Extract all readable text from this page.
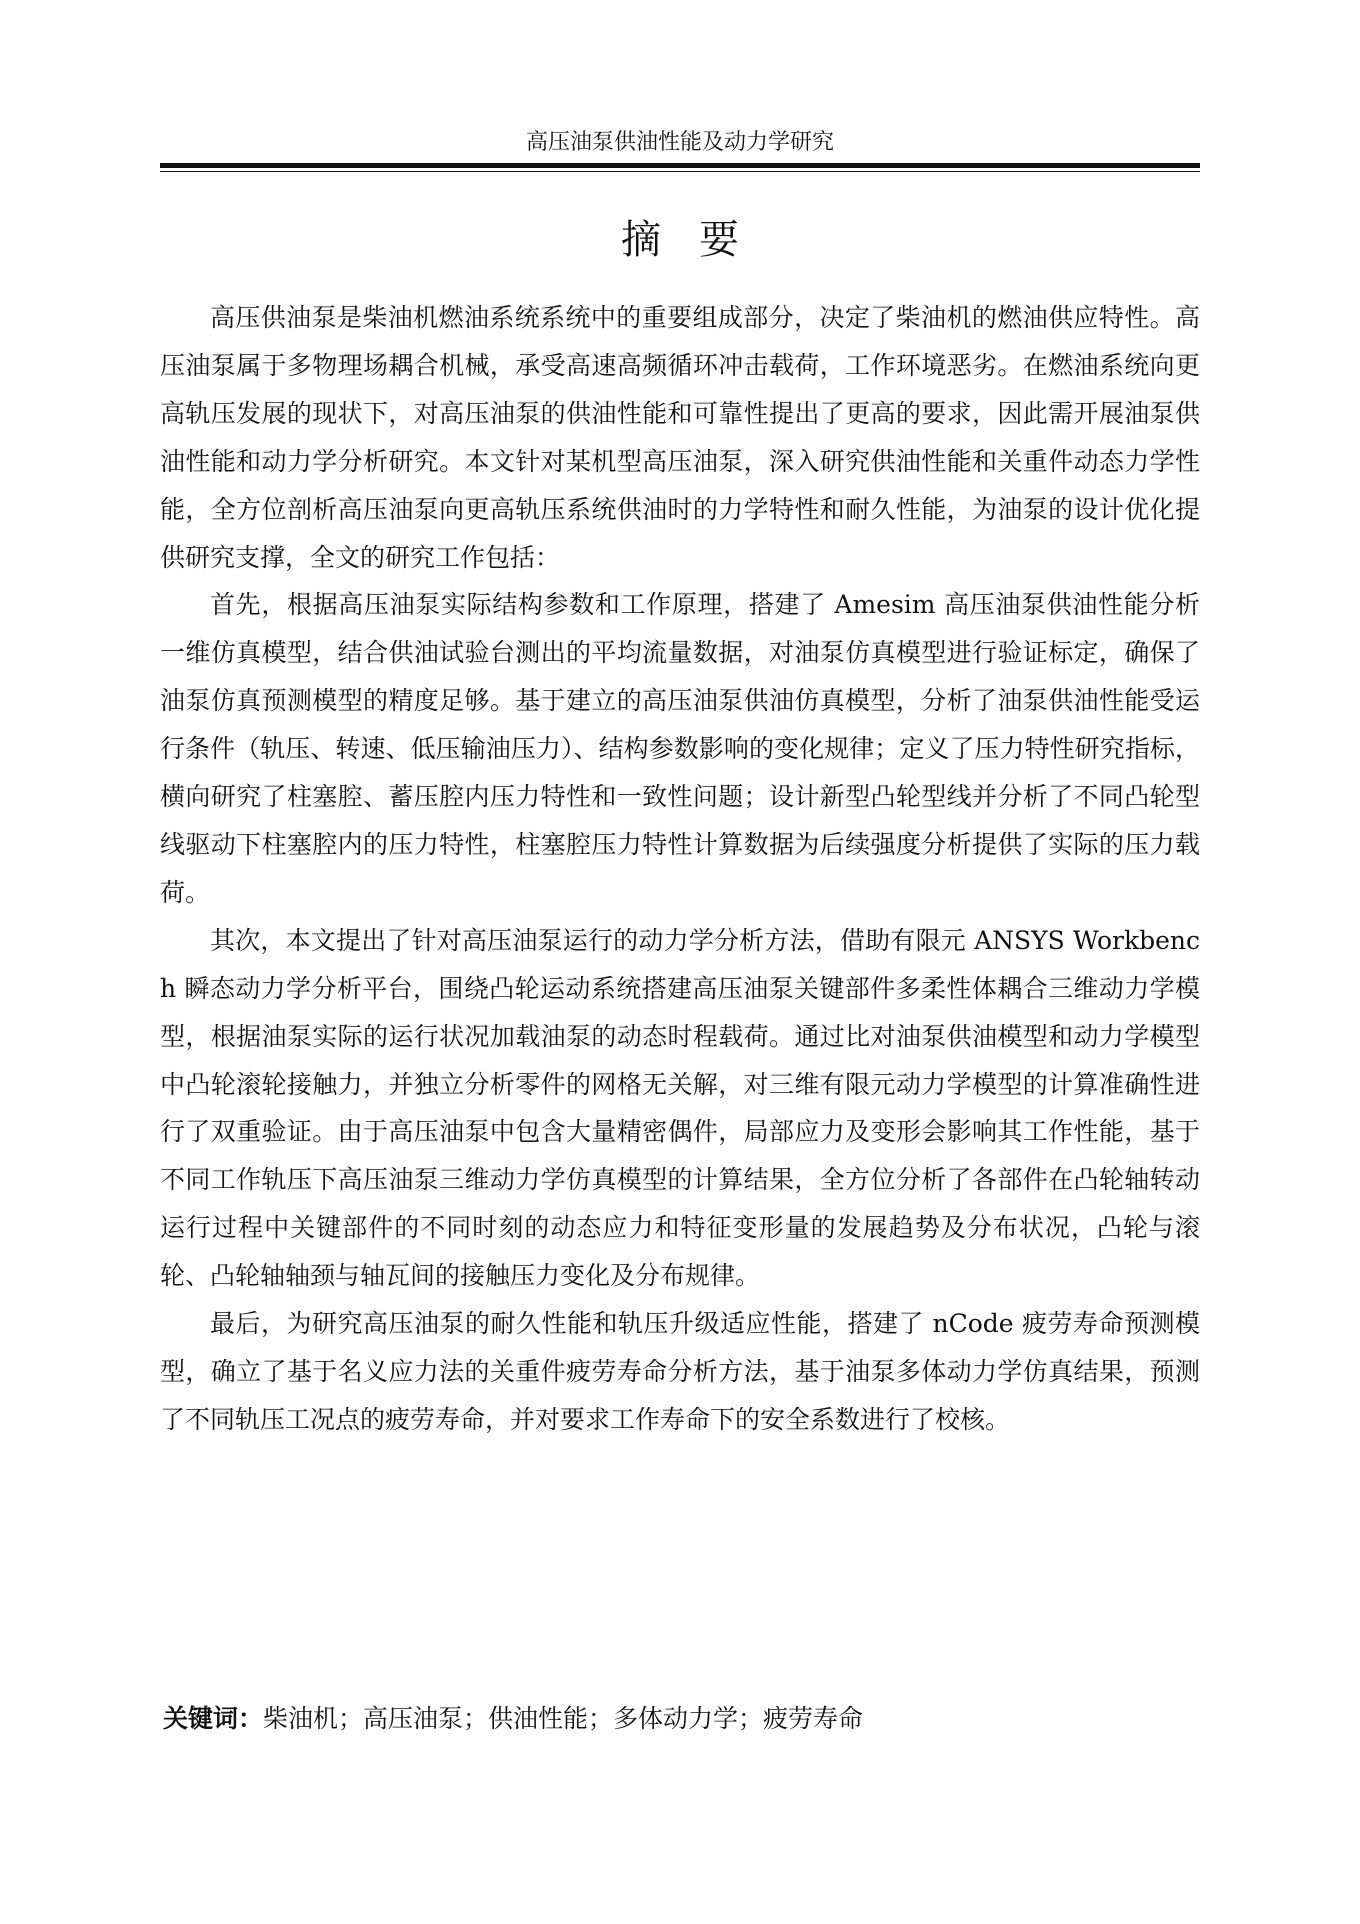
高压油泵供油性能及动力学研究
摘要

高压供油泵是柴油机燃油系统系统中的重要组成部分，决定了柴油机的燃油供应特性。高压油泵属于多物理场耦合机械，承受高速高频循环冲击载荷，工作环境恶劣。在燃油系统向更高轨压发展的现状下，对高压油泵的供油性能和可靠性提出了更高的要求，因此需开展油泵供油性能和动力学分析研究。本文针对某机型高压油泵，深入研究供油性能和关重件动态力学性能，全方位剖析高压油泵向更高轨压系统供油时的力学特性和耐久性能，为油泵的设计优化提供研究支撑，全文的研究工作包括：

首先，根据高压油泵实际结构参数和工作原理，搭建了 Amesim 高压油泵供油性能分析一维仿真模型，结合供油试验台测出的平均流量数据，对油泵仿真模型进行验证标定，确保了油泵仿真预测模型的精度足够。基于建立的高压油泵供油仿真模型，分析了油泵供油性能受运行条件（轨压、转速、低压输油压力）、结构参数影响的变化规律；定义了压力特性研究指标，横向研究了柱塞腔、蓄压腔内压力特性和一致性问题；设计新型凸轮型线并分析了不同凸轮型线驱动下柱塞腔内的压力特性，柱塞腔压力特性计算数据为后续强度分析提供了实际的压力载荷。

其次，本文提出了针对高压油泵运行的动力学分析方法，借助有限元 ANSYS Workbench 瞬态动力学分析平台，围绕凸轮运动系统搭建高压油泵关键部件多柔性体耦合三维动力学模型，根据油泵实际的运行状况加载油泵的动态时程载荷。通过比对油泵供油模型和动力学模型中凸轮滚轮接触力，并独立分析零件的网格无关解，对三维有限元动力学模型的计算准确性进行了双重验证。由于高压油泵中包含大量精密偶件，局部应力及变形会影响其工作性能，基于不同工作轨压下高压油泵三维动力学仿真模型的计算结果，全方位分析了各部件在凸轮轴转动运行过程中关键部件的不同时刻的动态应力和特征变形量的发展趋势及分布状况，凸轮与滚轮、凸轮轴轴颈与轴瓦间的接触压力变化及分布规律。

最后，为研究高压油泵的耐久性能和轨压升级适应性能，搭建了 nCode 疲劳寿命预测模型，确立了基于名义应力法的关重件疲劳寿命分析方法，基于油泵多体动力学仿真结果，预测了不同轨压工况点的疲劳寿命，并对要求工作寿命下的安全系数进行了校核。

关键词：柴油机；高压油泵；供油性能；多体动力学；疲劳寿命
